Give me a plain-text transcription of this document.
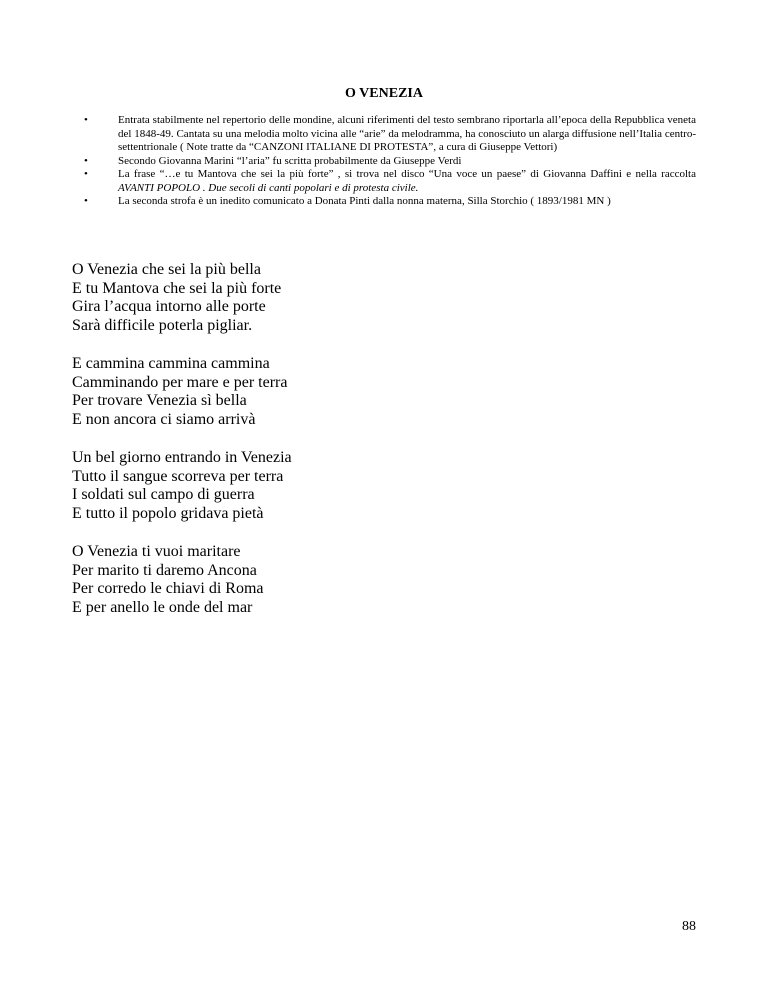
O VENEZIA
• Entrata stabilmente nel repertorio delle mondine, alcuni riferimenti del testo sembrano riportarla all’epoca della Repubblica veneta del 1848-49. Cantata su una melodia molto vicina alle “arie” da melodramma, ha conosciuto un alarga diffusione nell’Italia centro-settentrionale ( Note tratte da “CANZONI ITALIANE DI PROTESTA”, a cura di Giuseppe Vettori)
• Secondo Giovanna Marini “l’aria” fu scritta probabilmente da Giuseppe Verdi
• La frase “…e tu Mantova che sei la più forte” , si trova nel disco “Una voce un paese” di Giovanna Daffini e nella raccolta AVANTI POPOLO . Due secoli di canti popolari e di protesta civile.
• La seconda strofa è un inedito comunicato a Donata Pinti dalla nonna materna, Silla Storchio ( 1893/1981 MN )
O Venezia che sei la più bella
E tu Mantova che sei la più forte
Gira l’acqua intorno alle porte
Sarà difficile poterla pigliar.
E cammina cammina cammina
Camminando per mare e per terra
Per trovare Venezia sì bella
E non ancora ci siamo arrivà
Un bel giorno entrando in Venezia
Tutto il sangue scorreva per terra
I soldati sul campo di guerra
E tutto il popolo gridava pietà
O Venezia ti vuoi maritare
Per marito ti daremo Ancona
Per corredo le chiavi di Roma
E per anello le onde del mar
88
